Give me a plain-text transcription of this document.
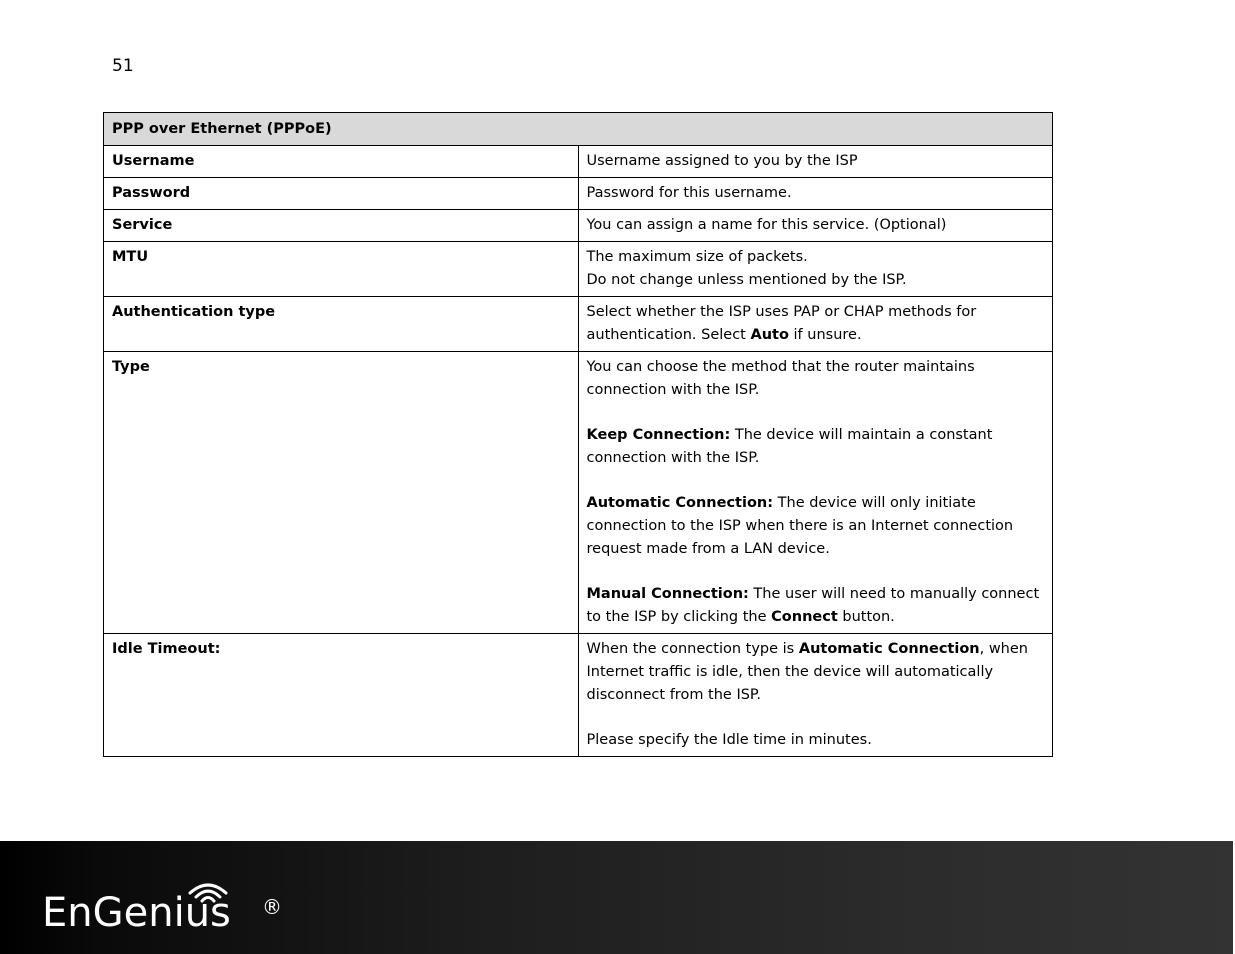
51
PPP over Ethernet (PPPoE)	
Username	Username assigned to you by the ISP
Password	Password for this username.
Service	You can assign a name for this service. (Optional)
MTU	The maximum size of packets.

Do not change unless mentioned by the ISP.

Authentication type	Select whether the ISP uses PAP or CHAP methods for authentication. Select Auto if unsure.
Type	You can choose the method that the router maintains connection with the ISP.

Keep Connection: The device will maintain a constant connection with the ISP.

Automatic Connection: The device will only initiate connection to the ISP when there is an Internet connection request made from a LAN device.

Manual Connection: The user will need to manually connect to the ISP by clicking the Connect button.

Idle Timeout:	When the connection type is Automatic Connection, when Internet traffic is idle, then the device will automatically disconnect from the ISP.

Please specify the Idle time in minutes.

EnGenius ®
